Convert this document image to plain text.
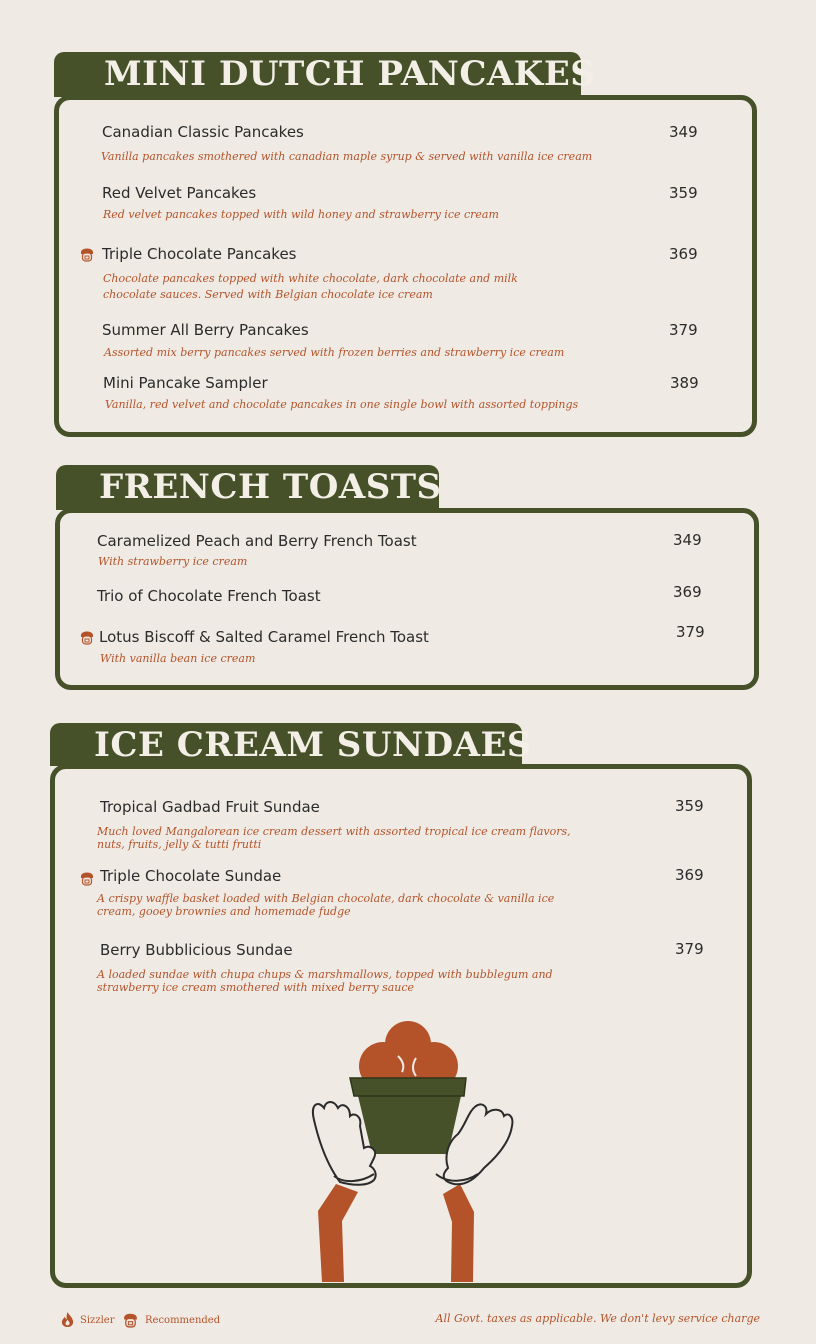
MINI DUTCH PANCAKES
Canadian Classic Pancakes	349
Vanilla pancakes smothered with canadian maple syrup & served with vanilla ice cream
Red Velvet Pancakes	359
Red velvet pancakes topped with wild honey and strawberry ice cream
Triple Chocolate Pancakes	369
Chocolate pancakes topped with white chocolate, dark chocolate and milk
chocolate sauces. Served with Belgian chocolate ice cream
Summer All Berry Pancakes	379
Assorted mix berry pancakes served with frozen berries and strawberry ice cream
Mini Pancake Sampler	389
Vanilla, red velvet and chocolate pancakes in one single bowl with assorted toppings
FRENCH TOASTS
Caramelized Peach and Berry French Toast	349
With strawberry ice cream
Trio of Chocolate French Toast	369
Lotus Biscoff & Salted Caramel French Toast	379
With vanilla bean ice cream
ICE CREAM SUNDAES
Tropical Gadbad Fruit Sundae	359
Much loved Mangalorean ice cream dessert with assorted tropical ice cream flavors,
nuts, fruits, jelly & tutti frutti
Triple Chocolate Sundae	369
A crispy waffle basket loaded with Belgian chocolate, dark chocolate & vanilla ice
cream, gooey brownies and homemade fudge
Berry Bubblicious Sundae	379
A loaded sundae with chupa chups & marshmallows, topped with bubblegum and
strawberry ice cream smothered with mixed berry sauce
Sizzler	Recommended	All Govt. taxes as applicable. We don't levy service charge
